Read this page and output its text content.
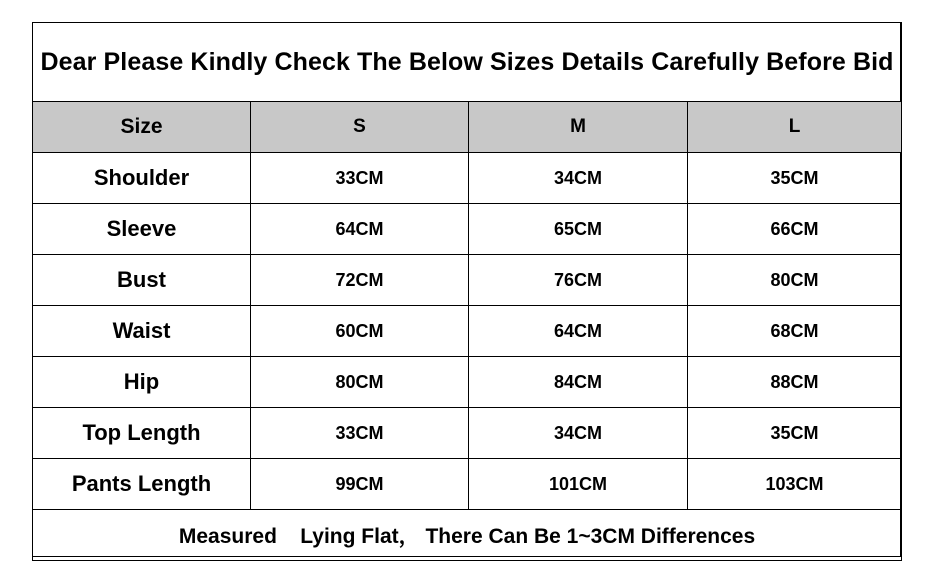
Dear Please Kindly Check The Below Sizes Details Carefully Before Bid			
Size	S	M	L
Shoulder	33CM	34CM	35CM
Sleeve	64CM	65CM	66CM
Bust	72CM	76CM	80CM
Waist	60CM	64CM	68CM
Hip	80CM	84CM	88CM
Top Length	33CM	34CM	35CM
Pants Length	99CM	101CM	103CM
Measured    Lying Flat， There Can Be 1~3CM Differences			
